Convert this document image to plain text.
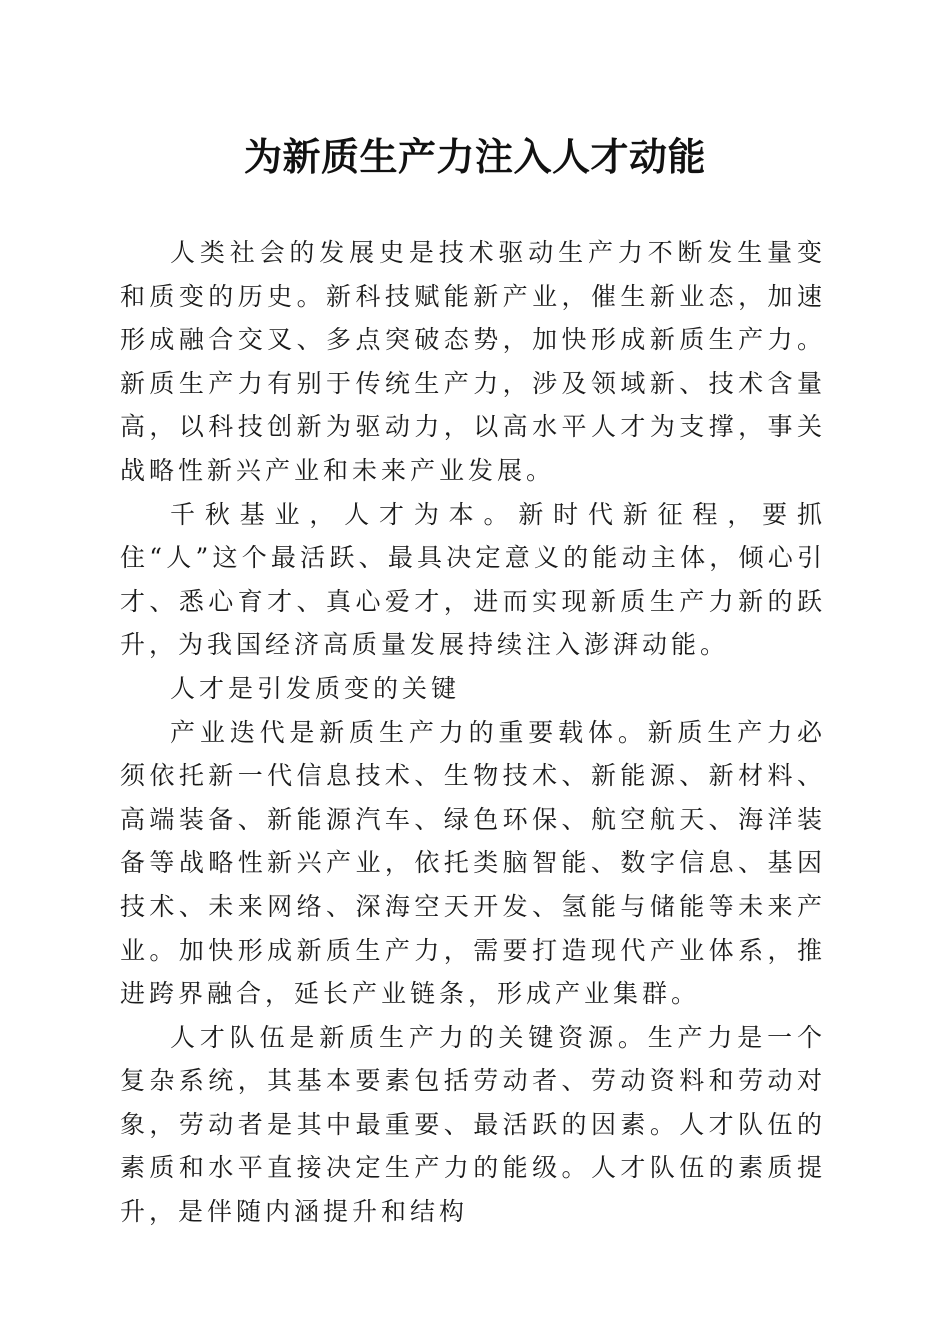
为新质生产力注入人才动能

人类社会的发展史是技术驱动生产力不断发生量变和质变的历史。新科技赋能新产业，催生新业态，加速形成融合交叉、多点突破态势，加快形成新质生产力。新质生产力有别于传统生产力，涉及领域新、技术含量高，以科技创新为驱动力，以高水平人才为支撑，事关战略性新兴产业和未来产业发展。

千秋基业，人才为本。新时代新征程，要抓住“人”这个最活跃、最具决定意义的能动主体，倾心引才、悉心育才、真心爱才，进而实现新质生产力新的跃升，为我国经济高质量发展持续注入澎湃动能。

人才是引发质变的关键

产业迭代是新质生产力的重要载体。新质生产力必须依托新一代信息技术、生物技术、新能源、新材料、高端装备、新能源汽车、绿色环保、航空航天、海洋装备等战略性新兴产业，依托类脑智能、数字信息、基因技术、未来网络、深海空天开发、氢能与储能等未来产业。加快形成新质生产力，需要打造现代产业体系，推进跨界融合，延长产业链条，形成产业集群。

人才队伍是新质生产力的关键资源。生产力是一个复杂系统，其基本要素包括劳动者、劳动资料和劳动对象，劳动者是其中最重要、最活跃的因素。人才队伍的素质和水平直接决定生产力的能级。人才队伍的素质提升，是伴随内涵提升和结构
